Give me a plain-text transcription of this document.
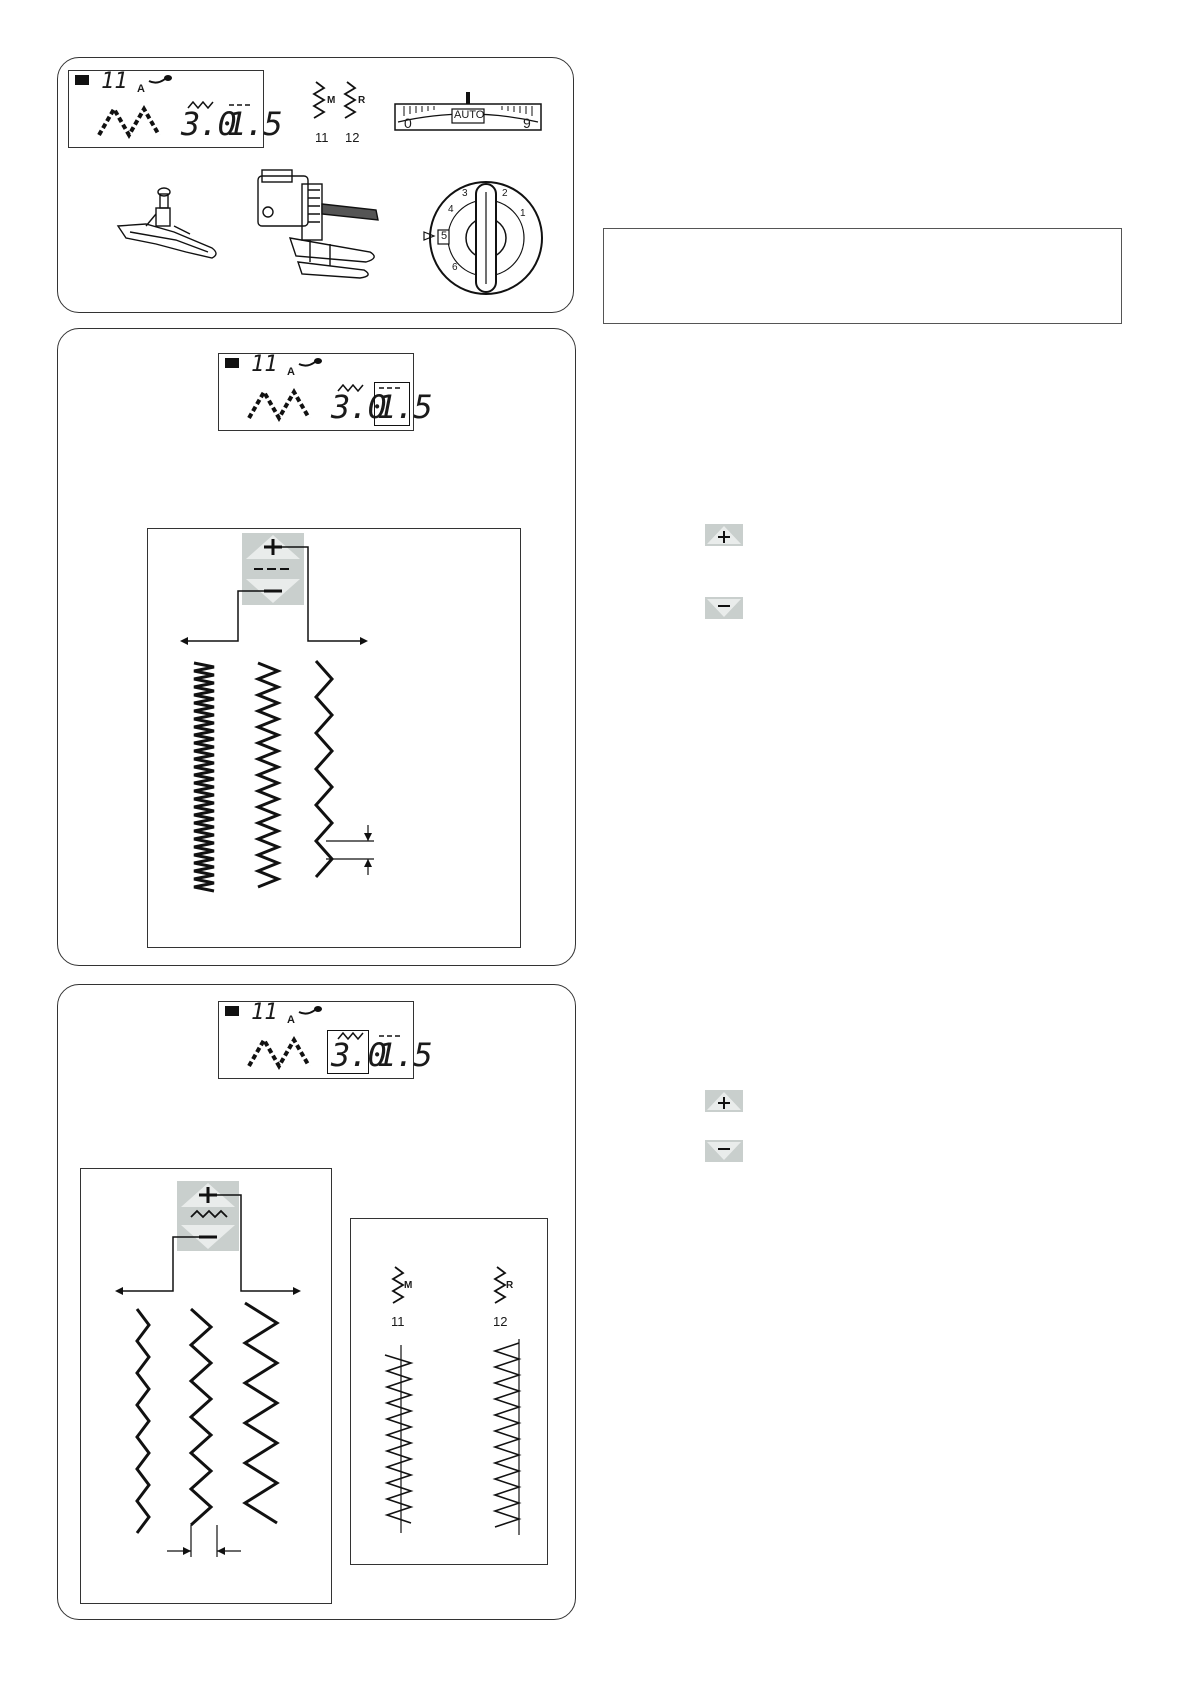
11 A
3.0
1.5
M
11
R
12
AUTO
0	9
5
3	2
1
4
6
11 A
3.0
1.5
11 A
3.0
1.5
M
11
R
12
